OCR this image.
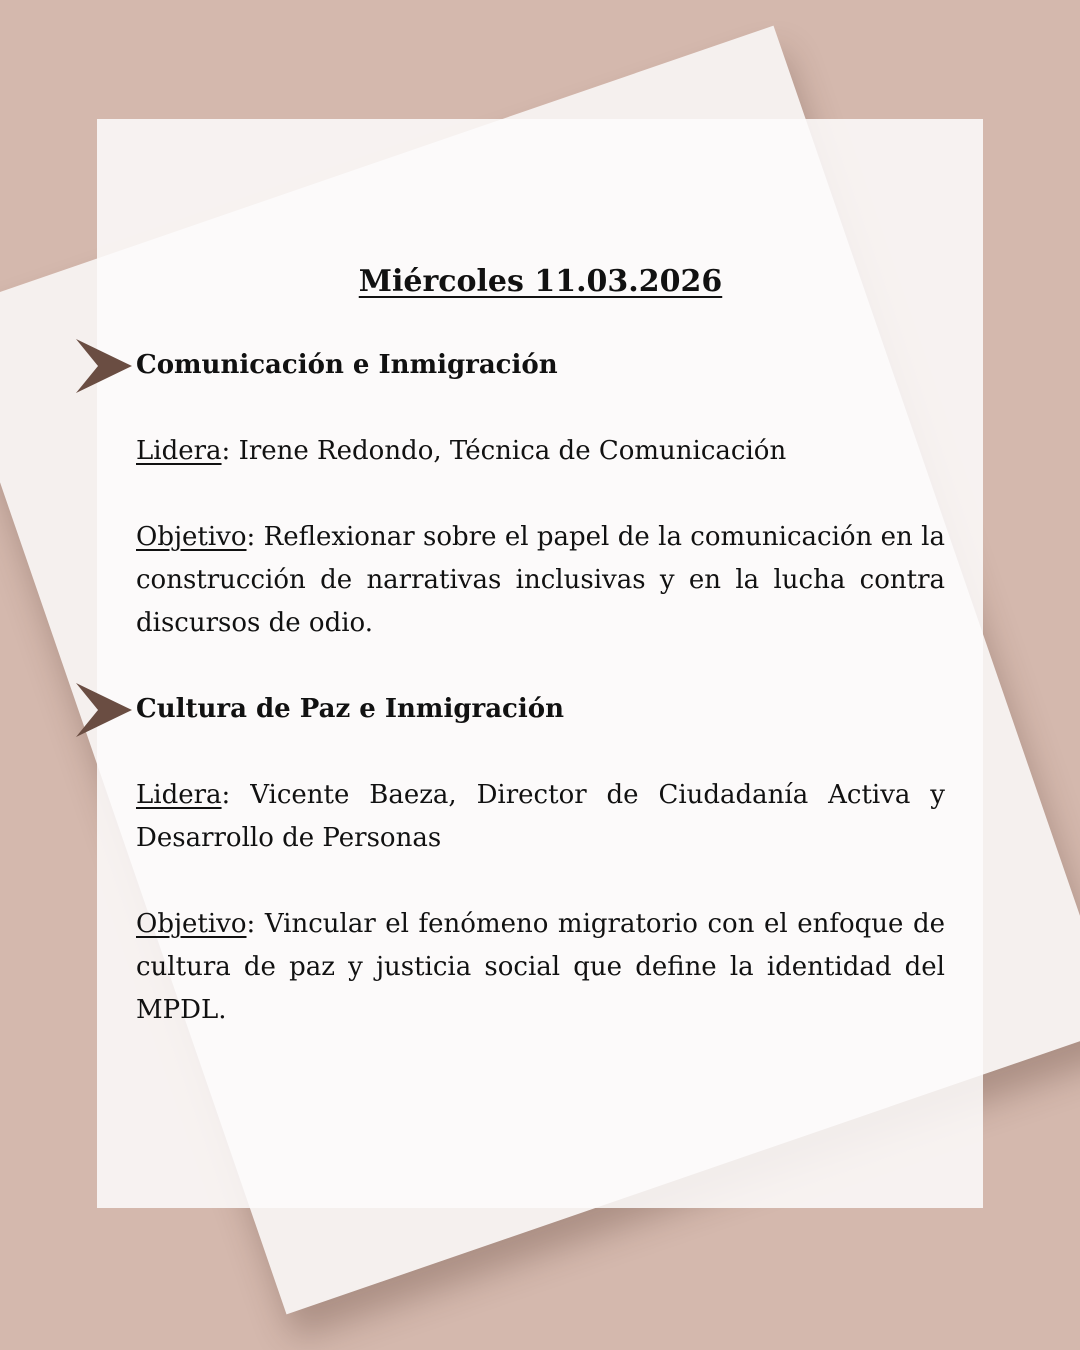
Miércoles 11.03.2026
Comunicación e Inmigración

Lidera: Irene Redondo, Técnica de Comunicación

Objetivo: Reflexionar sobre el papel de la comunicación en la construcción de narrativas inclusivas y en la lucha contra discursos de odio.

Cultura de Paz e Inmigración

Lidera: Vicente Baeza, Director de Ciudadanía Activa y Desarrollo de Personas

Objetivo: Vincular el fenómeno migratorio con el enfoque de cultura de paz y justicia social que define la identidad del MPDL.
